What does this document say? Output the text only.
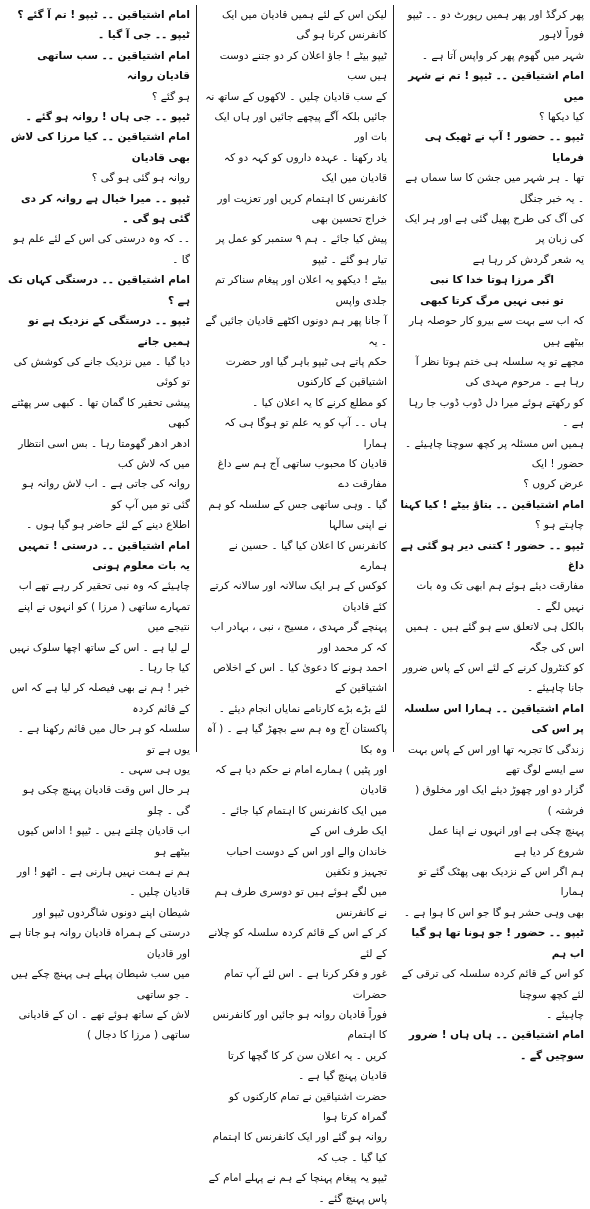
پھر کرگڈ اور پھر ہمیں رپورٹ دو ۔۔ ٹیپو فوراً لاہور

شہر میں گھوم پھر کر واپس آتا ہے ۔

امام اشتیاقین ۔۔ ٹیپو ! تم نے شہر میں

کیا دیکھا ؟

ٹیپو ۔۔ حضور ! آپ نے ٹھیک ہی فرمایا

تھا ۔ ہر شہر میں جشن کا سا سماں ہے ۔ یہ خبر جنگل

کی آگ کی طرح پھیل گئی ہے اور ہر ایک کی زبان پر

یہ شعر گردش کر رہا ہے

اگر مرزا ہوتا خدا کا نبی

تو نبی نہیں مرگ کرتا کبھی

کہ اب سے بہت سے بیرو کار حوصلہ ہار بیٹھے ہیں

مجھے تو یہ سلسلہ ہی ختم ہوتا نظر آ رہا ہے ۔ مرحوم مہدی کی

کو رکھتے ہوئے میرا دل ڈوب ڈوب جا رہا ہے ۔

ہمیں اس مسئلہ پر کچھ سوچنا چاہیئے ۔ حضور ! ایک

عرض کروں ؟

امام اشتیاقین ۔۔ بتاؤ بیٹے ! کیا کہنا

چاہتے ہو ؟

ٹیپو ۔۔ حضور ! کتنی دیر ہو گئی ہے داغ

مفارقت دیئے ہوئے ہم ابھی تک وہ بات نہیں لگے ۔

بالکل ہی لاتعلق سے ہو گئے ہیں ۔ ہمیں اس کی جگہ

کو کنٹرول کرنے کے لئے اس کے پاس ضرور جانا چاہیئے ۔

امام اشتیاقین ۔۔ ہمارا اس سلسلہ پر اس کی

زندگی کا تجربہ تھا اور اس کے پاس بہت سے ایسے لوگ تھے

گزار دو اور چھوڑ دیئے ایک اور مخلوق ( فرشتہ )

پہنچ چکی ہے اور انہوں نے اپنا عمل شروع کر دیا ہے

ہم اگر اس کے نزدیک بھی پھٹک گئے تو ہمارا

بھی وہی حشر ہو گا جو اس کا ہوا ہے ۔

ٹیپو ۔۔ حضور ! جو ہونا تھا ہو گیا اب ہم

کو اس کے قائم کردہ سلسلہ کی ترقی کے لئے کچھ سوچنا

چاہیئے ۔

امام اشتیاقین ۔۔ ہاں ہاں ! ضرور سوچیں گے ۔

لیکن اس کے لئے ہمیں قادیان میں ایک کانفرنس کرنا ہو گی

ٹیپو بیٹے ! جاؤ اعلان کر دو جتنے دوست ہیں سب

کے سب قادیان چلیں ۔ لاکھوں کے ساتھ نہ

جائیں بلکہ آگے پیچھے جائیں اور ہاں ایک بات اور

یاد رکھنا ۔ عہدہ داروں کو کہہ دو کہ قادیان میں ایک

کانفرنس کا اہتمام کریں اور تعزیت اور خراج تحسین بھی

پیش کیا جائے ۔ ہم ۹ ستمبر کو عمل پر تیار ہو گئے ۔ ٹیپو

بیٹے ! دیکھو یہ اعلان اور پیغام سناکر تم جلدی واپس

آ جانا پھر ہم دونوں اکٹھے قادیان جائیں گے ۔ یہ

حکم پاتے ہی ٹیپو باہر گیا اور حضرت اشتیاقین کے کارکنوں

کو مطلع کرنے کا یہ اعلان کیا ۔

ہاں ۔۔ آپ کو یہ علم تو ہوگا ہی کہ ہمارا

قادیان کا محبوب ساتھی آج ہم سے داغ مفارقت دے

گیا ۔ وہی ساتھی جس کے سلسلہ کو ہم نے اپنی سالہا

کانفرنس کا اعلان کیا گیا ۔ حسین نے ہمارے

کوکس کے ہر ایک سالانہ اور سالانہ کرتے کئے قادیان

پہنچے گر مہدی ، مسیح ، نبی ، بہادر اب کہ کر محمد اور

احمد ہونے کا دعویٰ کیا ۔ اس کے اخلاص اشتیاقین کے

لئے بڑے بڑے کارنامے نمایاں انجام دیئے ۔

پاکستان آج وہ ہم سے بچھڑ گیا ہے ۔ ( آہ وہ بکا

اور پٹیں ) ہمارے امام نے حکم دیا ہے کہ قادیان

میں ایک کانفرنس کا اہتمام کیا جائے ۔ ایک طرف اس کے

خاندان والے اور اس کے دوست احباب تجہیز و تکفین

میں لگے ہوئے ہیں تو دوسری طرف ہم نے کانفرنس

کر کے اس کے قائم کردہ سلسلہ کو چلانے کے لئے

غور و فکر کرنا ہے ۔ اس لئے آپ تمام حضرات

فوراً قادیان روانہ ہو جائیں اور کانفرنس کا اہتمام

کریں ۔ یہ اعلان سن کر کا گچھا کرتا قادیان پہنچ گیا ہے ۔

حضرت اشتیاقین نے تمام کارکنوں کو گمراہ کرتا ہوا

روانہ ہو گئے اور ایک کانفرنس کا اہتمام کیا گیا ۔ جب کہ

ٹیپو یہ پیغام پہنچا کے ہم نے پہلے امام کے پاس پہنچ گئے ۔

امام اشتیاقین ۔۔ ٹیپو ! تم آ گئے ؟

ٹیپو ۔۔ جی آ گیا ۔

امام اشتیاقین ۔۔ سب ساتھی قادیان روانہ

ہو گئے ؟

ٹیپو ۔۔ جی ہاں ! روانہ ہو گئے ۔

امام اشتیاقین ۔۔ کیا مرزا کی لاش بھی قادیان

روانہ ہو گئی ہو گی ؟

ٹیپو ۔۔ میرا خیال ہے روانہ کر دی گئی ہو گی ۔

۔۔ کہ وہ درستی کی اس کے لئے علم ہو گا ۔

امام اشتیاقین ۔۔ درستگی کہاں تک ہے ؟

ٹیپو ۔۔ درستگی کے نزدیک ہے تو ہمیں جانے

دیا گیا ۔ میں نزدیک جانے کی کوشش کی تو کوئی

پیشی تحقیر کا گمان تھا ۔ کبھی سر پھٹتے کبھی

ادھر ادھر گھومتا رہا ۔ بس اسی انتظار میں کہ لاش کب

روانہ کی جاتی ہے ۔ اب لاش روانہ ہو گئی تو میں آپ کو

اطلاع دینے کے لئے حاضر ہو گیا ہوں ۔

امام اشتیاقین ۔۔ درستی ! تمہیں یہ بات معلوم ہونی

چاہیئے کہ وہ نبی تحقیر کر رہے تھے اب

تمہارے ساتھی ( مرزا ) کو انہوں نے اپنے نتیجے میں

لے لیا ہے ۔ اس کے ساتھ اچھا سلوک نہیں کیا جا رہا ۔

خیر ! ہم نے بھی فیصلہ کر لیا ہے کہ اس کے قائم کردہ

سلسلہ کو ہر حال میں قائم رکھنا ہے ۔ یوں ہے تو

یوں ہی سہی ۔

ہر حال اس وقت قادیان پہنچ چکی ہو گی ۔ چلو

اب قادیان چلتے ہیں ۔ ٹیپو ! اداس کیوں بیٹھے ہو

ہم نے ہمت نہیں ہارنی ہے ۔ اٹھو ! اور

قادیان چلیں ۔

شیطان اپنے دونوں شاگردوں ٹیپو اور

درستی کے ہمراہ قادیان روانہ ہو جاتا ہے اور قادیان

میں سب شیطان پہلے ہی پہنچ چکے ہیں ۔ جو ساتھی

لاش کے ساتھ ہوئے تھے ۔ ان کے قادیانی ساتھی ( مرزا کا دجال )
